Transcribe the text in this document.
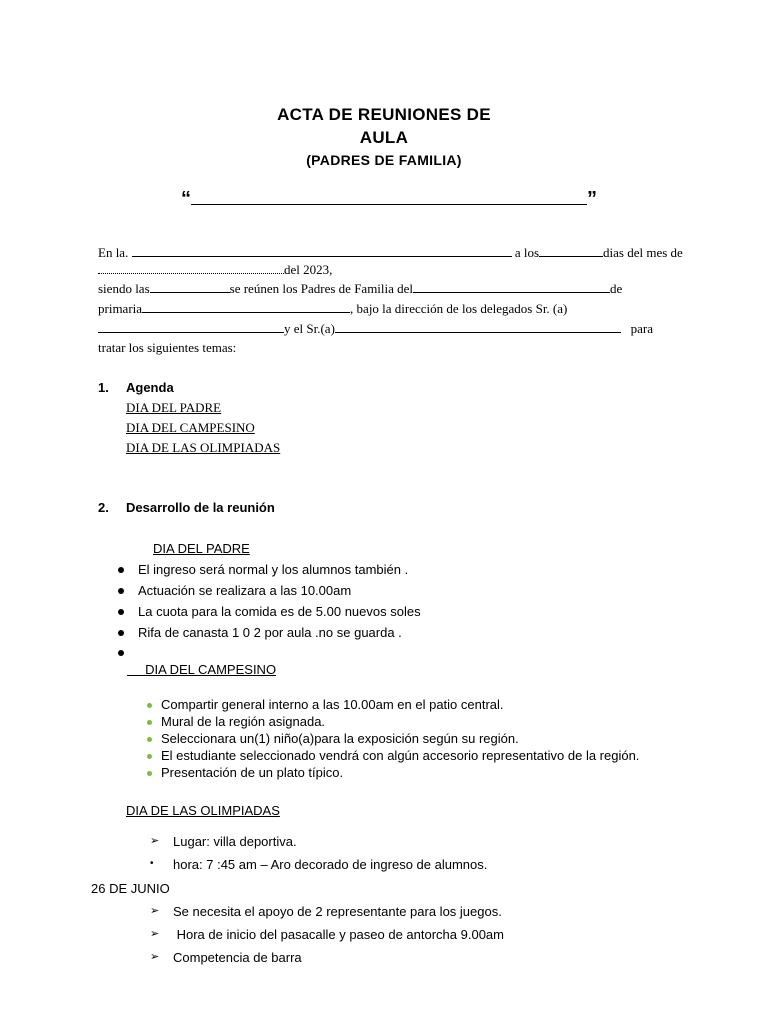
ACTA DE REUNIONES DE
AULA
(PADRES DE FAMILIA)
“	”
En la.	a los	dias del mes de
del 2023,
siendo las	se reúnen los Padres de Familia del	de
primaria	, bajo la dirección de los delegados Sr. (a)
y el Sr.(a)	para
tratar los siguientes temas:
1. Agenda
DIA DEL PADRE
DIA DEL CAMPESINO
DIA DE LAS OLIMPIADAS
2. Desarrollo de la reunión
DIA DEL PADRE
El ingreso será normal y los alumnos también .
Actuación se realizara a las 10.00am
La cuota para la comida es de 5.00 nuevos soles
Rifa de canasta 1 0 2 por aula .no se guarda .
DIA DEL CAMPESINO
Compartir general interno a las 10.00am en el patio central.
Mural de la región asignada.
Seleccionara un(1) niño(a)para la exposición según su región.
El estudiante seleccionado vendrá con algún accesorio representativo de la región.
Presentación de un plato típico.
DIA DE LAS OLIMPIADAS
➢ Lugar: villa deportiva.
• hora: 7 :45 am – Aro decorado de ingreso de alumnos.
26 DE JUNIO
➢ Se necesita el apoyo de 2 representante para los juegos.
➢ Hora de inicio del pasacalle y paseo de antorcha 9.00am
➢ Competencia de barra
